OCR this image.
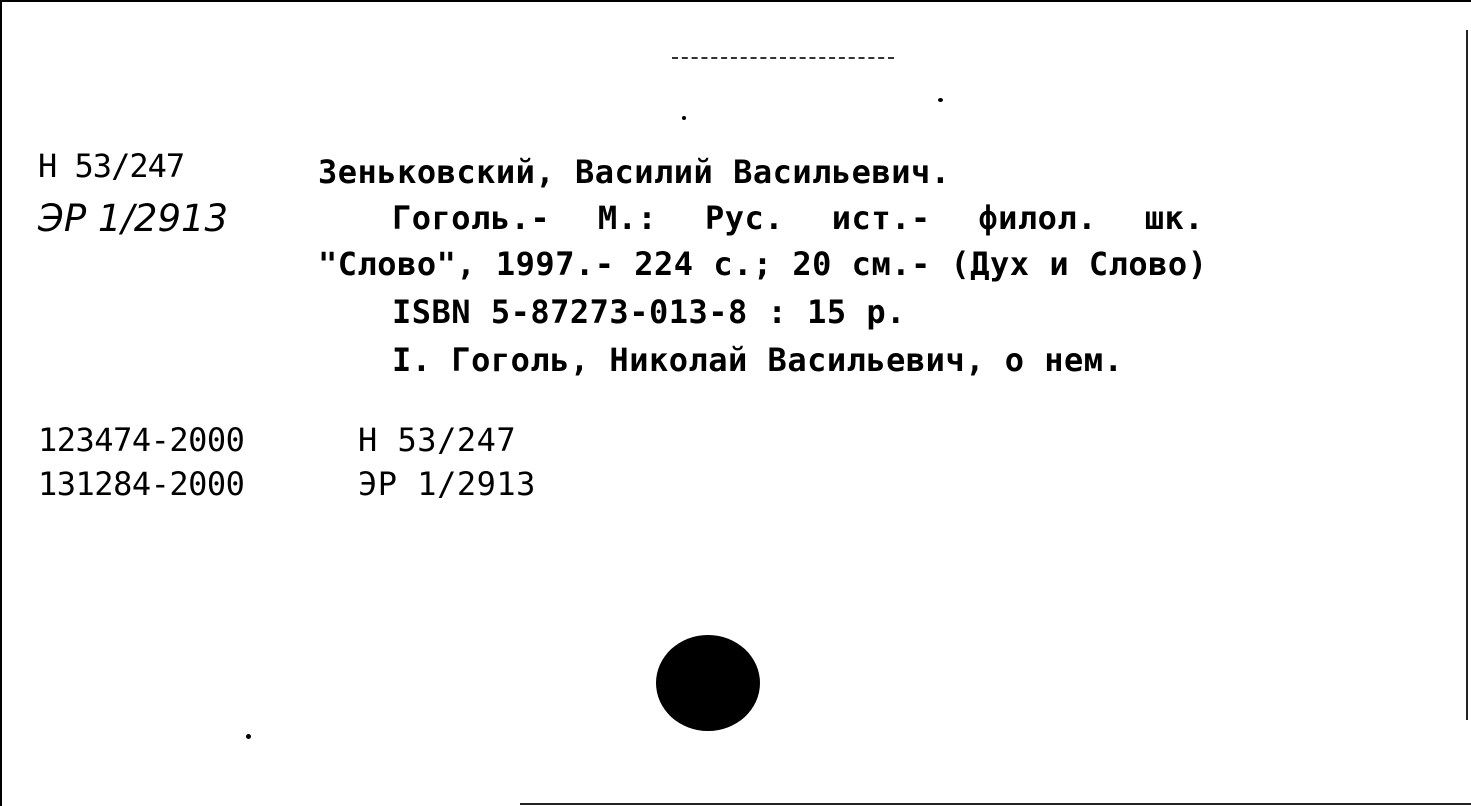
Н 53/247
ЭР 1/2913
Зеньковский, Василий Васильевич.
Гоголь.- М.: Рус. ист.- филол. шк.
"Слово", 1997.- 224 с.; 20 см.- (Дух и Слово)
ISBN 5-87273-013-8 : 15 р.
I. Гоголь, Николай Васильевич, о нем.
123474-2000	Н 53/247
131284-2000	ЭР 1/2913
